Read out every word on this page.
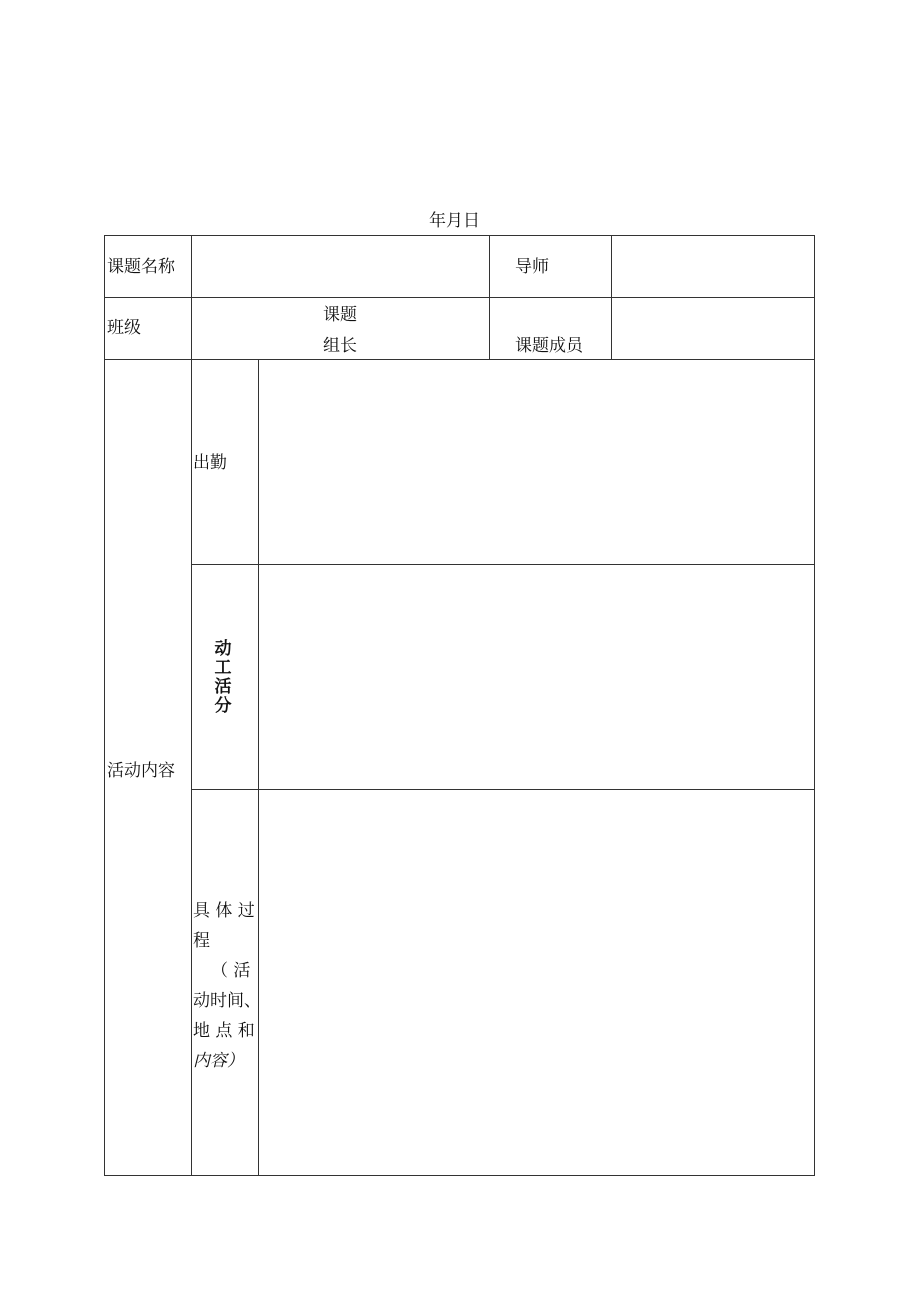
年月日
课题名称	导师
班级
课题
组长	课题成员
活动内容
出勤
动
工
活
分
具 体 过
程
（ 活
动时间、
地 点 和
内容）
